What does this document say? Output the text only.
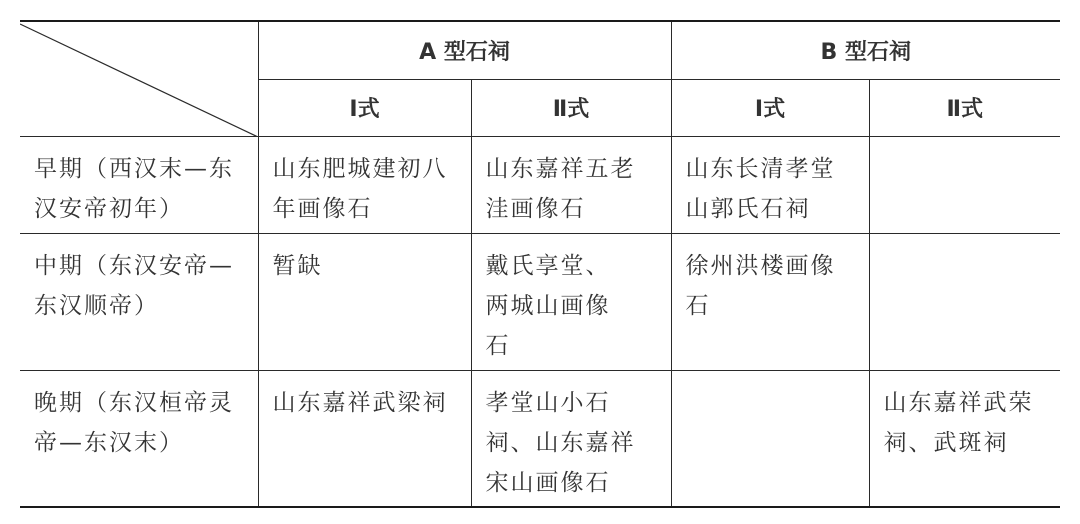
	A 型石祠		B 型石祠	
	Ⅰ式	Ⅱ式	Ⅰ式	Ⅱ式

早期（西汉末—东汉安帝初年）	山东肥城建初八年画像石	山东嘉祥五老洼画像石	山东长清孝堂山郭氏石祠	

中期（东汉安帝—东汉顺帝）	暂缺	戴氏享堂、两城山画像石	徐州洪楼画像石	

晚期（东汉桓帝灵帝—东汉末）	山东嘉祥武梁祠	孝堂山小石祠、山东嘉祥宋山画像石		山东嘉祥武荣祠、武斑祠
